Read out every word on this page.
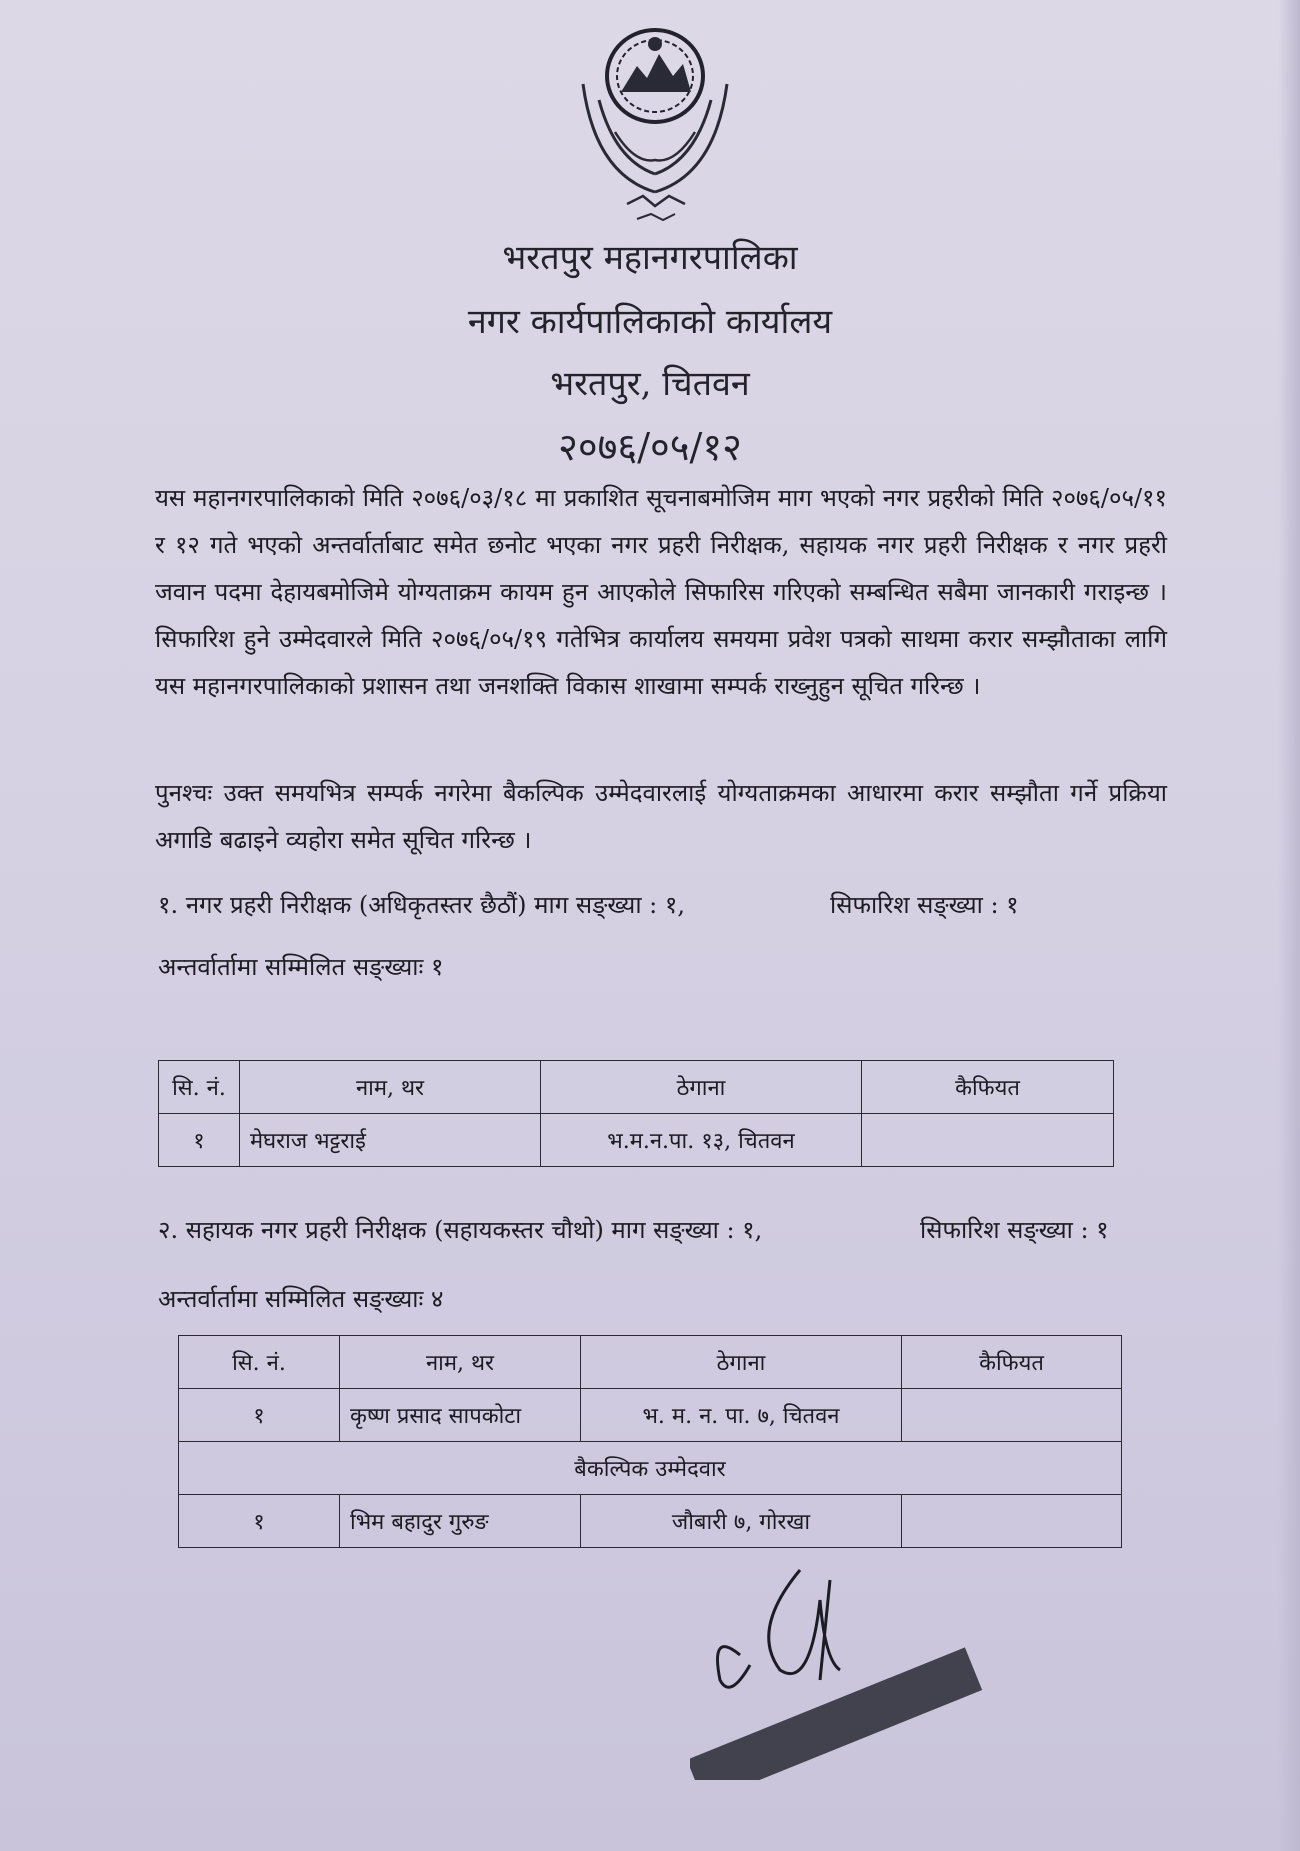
भरतपुर महानगरपालिका
नगर कार्यपालिकाको कार्यालय
भरतपुर, चितवन
२०७६/०५/१२
यस महानगरपालिकाको मिति २०७६/०३/१८ मा प्रकाशित सूचनाबमोजिम माग भएको नगर प्रहरीको मिति २०७६/०५/११ र १२ गते भएको अन्तर्वार्ताबाट समेत छनोट भएका नगर प्रहरी निरीक्षक, सहायक नगर प्रहरी निरीक्षक र नगर प्रहरी जवान पदमा देहायबमोजिमे योग्यताक्रम कायम हुन आएकोले सिफारिस गरिएको सम्बन्धित सबैमा जानकारी गराइन्छ । सिफारिश हुने उम्मेदवारले मिति २०७६/०५/१९ गतेभित्र कार्यालय समयमा प्रवेश पत्रको साथमा करार सम्झौताका लागि यस महानगरपालिकाको प्रशासन तथा जनशक्ति विकास शाखामा सम्पर्क राख्नुहुन सूचित गरिन्छ ।
पुनश्चः उक्त समयभित्र सम्पर्क नगरेमा बैकल्पिक उम्मेदवारलाई योग्यताक्रमका आधारमा करार सम्झौता गर्ने प्रक्रिया अगाडि बढाइने व्यहोरा समेत सूचित गरिन्छ ।
१. नगर प्रहरी निरीक्षक (अधिकृतस्तर छैठौं) माग सङ्ख्या : १,	सिफारिश सङ्ख्या : १
अन्तर्वार्तामा सम्मिलित सङ्ख्याः १
सि. नं.	नाम, थर	ठेगाना	कैफियत
१	मेघराज भट्टराई	भ.म.न.पा. १३, चितवन	
२. सहायक नगर प्रहरी निरीक्षक (सहायकस्तर चौथो) माग सङ्ख्या : १,	सिफारिश सङ्ख्या : १
अन्तर्वार्तामा सम्मिलित सङ्ख्याः ४
सि. नं.	नाम, थर	ठेगाना	कैफियत
१	कृष्ण प्रसाद सापकोटा	भ. म. न. पा. ७, चितवन	
बैकल्पिक उम्मेदवार			
१	भिम बहादुर गुरुङ	जौबारी ७, गोरखा	
